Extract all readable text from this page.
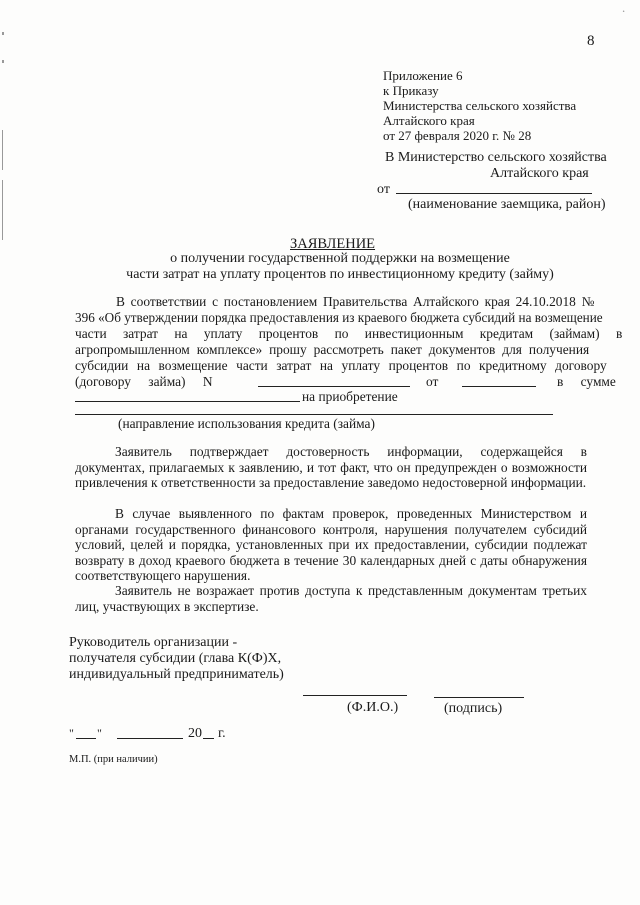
.
8
Приложение 6
к Приказу
Министерства сельского хозяйства
Алтайского края
от 27 февраля 2020 г. № 28
В Министерство сельского хозяйства
Алтайского края
от
(наименование заемщика, район)
ЗАЯВЛЕНИЕ
о получении государственной поддержки на возмещение
части затрат на уплату процентов по инвестиционному кредиту (займу)
В соответствии с постановлением Правительства Алтайского края 24.10.2018 №
396 «Об утверждении порядка предоставления из краевого бюджета субсидий на возмещение
части затрат на уплату процентов по инвестиционным кредитам (займам) в
агропромышленном комплексе» прошу рассмотреть пакет документов для получения
субсидии на возмещение части затрат на уплату процентов по кредитному договору
(договору займа) N	от	в сумме
на приобретение
(направление использования кредита (займа)
Заявитель подтверждает достоверность информации, содержащейся в документах, прилагаемых к заявлению, и тот факт, что он предупрежден о возможности привлечения к ответственности за предоставление заведомо недостоверной информации.
В случае выявленного по фактам проверок, проведенных Министерством и органами государственного финансового контроля, нарушения получателем субсидий условий, целей и порядка, установленных при их предоставлении, субсидии подлежат возврату в доход краевого бюджета в течение 30 календарных дней с даты обнаружения соответствующего нарушения.
Заявитель не возражает против доступа к представленным документам третьих лиц, участвующих в экспертизе.
Руководитель организации -
получателя субсидии (глава К(Ф)Х,
индивидуальный предприниматель)
(Ф.И.О.)	(подпись)
" "	20 г.
М.П. (при наличии)
